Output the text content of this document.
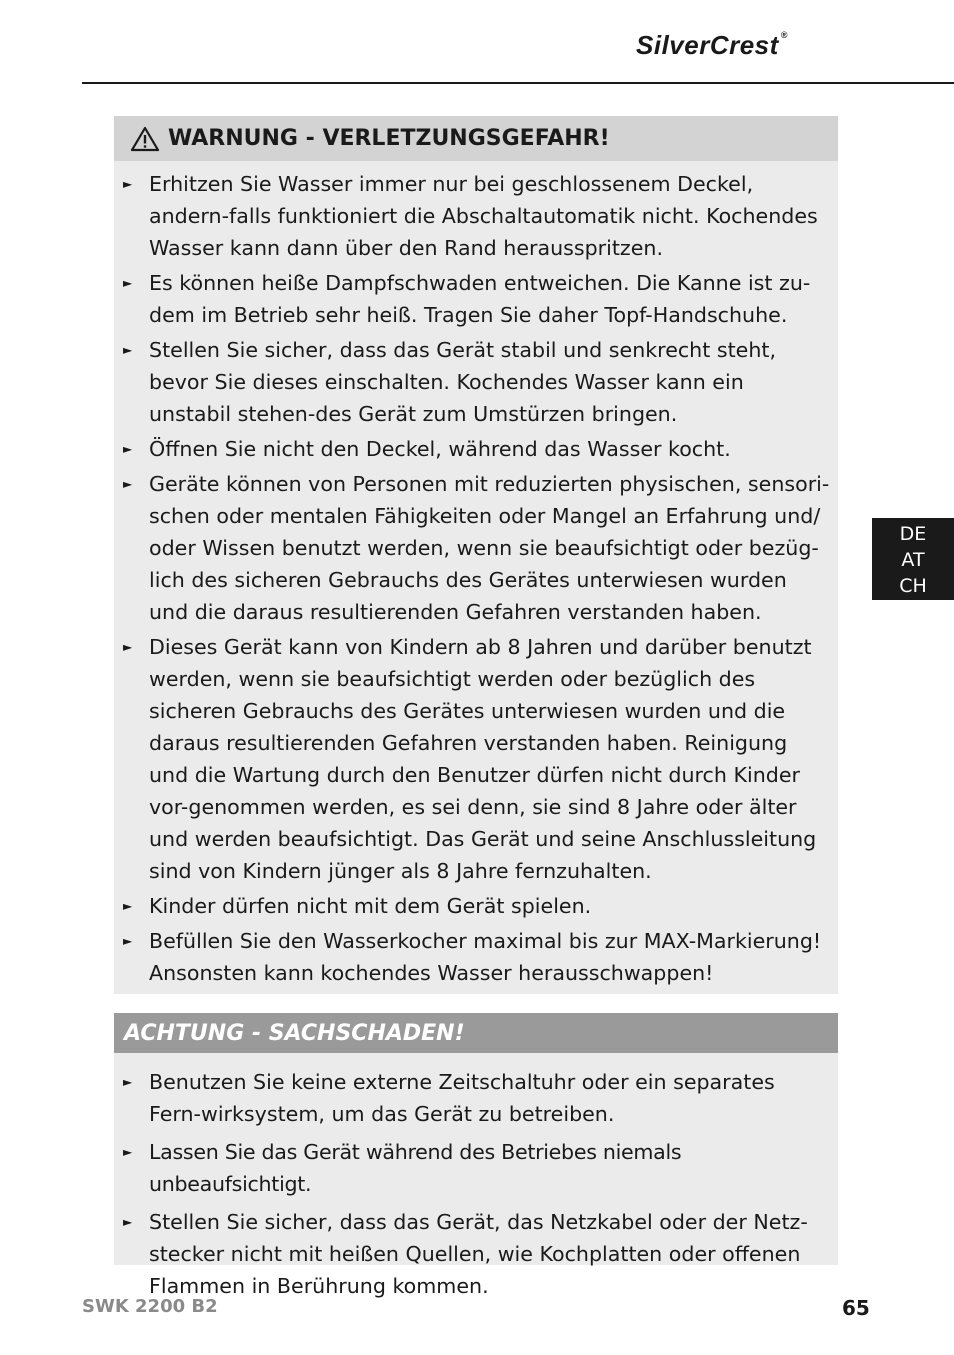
SilverCrest ®
WARNUNG - VERLETZUNGSGEFAHR!
► Erhitzen Sie Wasser immer nur bei geschlossenem Deckel, andern-falls funktioniert die Abschaltautomatik nicht. Kochendes Wasser kann dann über den Rand herausspritzen.
► Es können heiße Dampfschwaden entweichen. Die Kanne ist zu-dem im Betrieb sehr heiß. Tragen Sie daher Topf-Handschuhe.
► Stellen Sie sicher, dass das Gerät stabil und senkrecht steht, bevor Sie dieses einschalten. Kochendes Wasser kann ein unstabil stehen-des Gerät zum Umstürzen bringen.
► Öffnen Sie nicht den Deckel, während das Wasser kocht.
► Geräte können von Personen mit reduzierten physischen, sensori-schen oder mentalen Fähigkeiten oder Mangel an Erfahrung und/ oder Wissen benutzt werden, wenn sie beaufsichtigt oder bezüg-lich des sicheren Gebrauchs des Gerätes unterwiesen wurden und die daraus resultierenden Gefahren verstanden haben.
► Dieses Gerät kann von Kindern ab 8 Jahren und darüber benutzt werden, wenn sie beaufsichtigt werden oder bezüglich des sicheren Gebrauchs des Gerätes unterwiesen wurden und die daraus resultierenden Gefahren verstanden haben. Reinigung und die Wartung durch den Benutzer dürfen nicht durch Kinder vor-genommen werden, es sei denn, sie sind 8 Jahre oder älter und werden beaufsichtigt. Das Gerät und seine Anschlussleitung sind von Kindern jünger als 8 Jahre fernzuhalten.
► Kinder dürfen nicht mit dem Gerät spielen.
► Befüllen Sie den Wasserkocher maximal bis zur MAX-Markierung! Ansonsten kann kochendes Wasser herausschwappen!
ACHTUNG - SACHSCHADEN!
► Benutzen Sie keine externe Zeitschaltuhr oder ein separates Fern-wirksystem, um das Gerät zu betreiben.
► Lassen Sie das Gerät während des Betriebes niemals unbeaufsichtigt.
► Stellen Sie sicher, dass das Gerät, das Netzkabel oder der Netz-stecker nicht mit heißen Quellen, wie Kochplatten oder offenen Flammen in Berührung kommen.
DE
AT
CH
SWK 2200 B2	65
